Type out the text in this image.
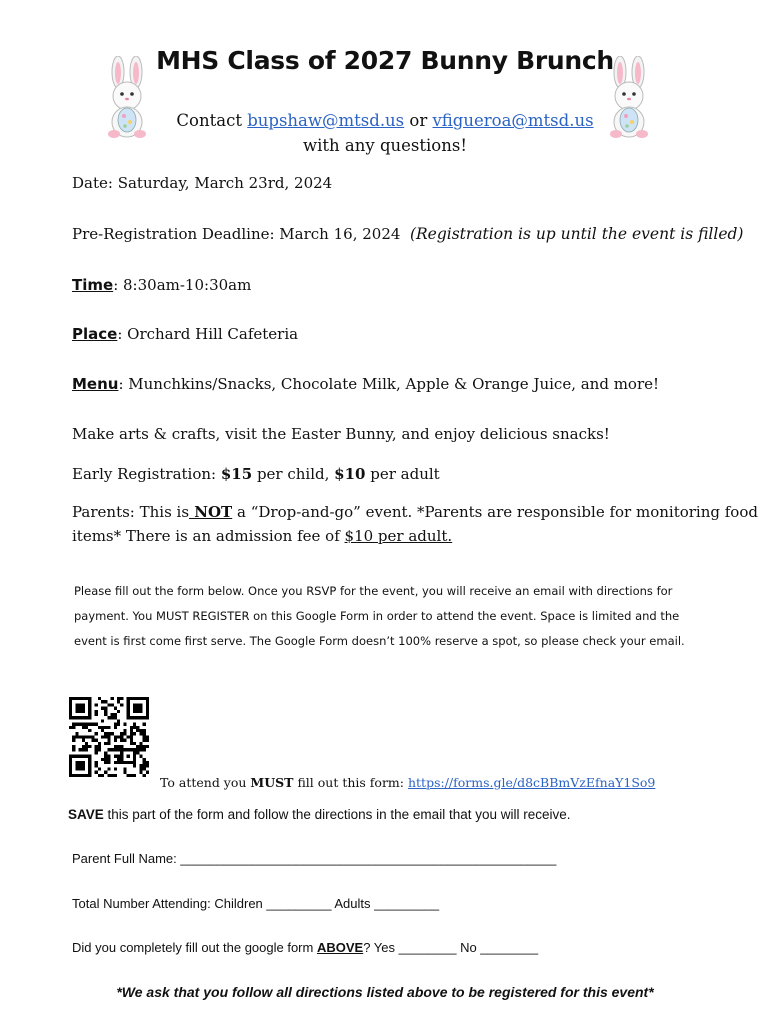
MHS Class of 2027 Bunny Brunch
Contact bupshaw@mtsd.us or vfigueroa@mtsd.us
with any questions!
Date: Saturday, March 23rd, 2024
Pre-Registration Deadline: March 16, 2024 (Registration is up until the event is filled)
Time: 8:30am-10:30am
Place: Orchard Hill Cafeteria
Menu: Munchkins/Snacks, Chocolate Milk, Apple & Orange Juice, and more!
Make arts & crafts, visit the Easter Bunny, and enjoy delicious snacks!
Early Registration: $15 per child, $10 per adult
Parents: This is NOT a “Drop-and-go” event. *Parents are responsible for monitoring food
items* There is an admission fee of $10 per adult.
Please fill out the form below. Once you RSVP for the event, you will receive an email with directions for
payment. You MUST REGISTER on this Google Form in order to attend the event. Space is limited and the
event is first come first serve. The Google Form doesn’t 100% reserve a spot, so please check your email.
To attend you MUST fill out this form: https://forms.gle/d8cBBmVzEfnaY1So9
SAVE this part of the form and follow the directions in the email that you will receive.
Parent Full Name: ____________________________________________________
Total Number Attending: Children _________ Adults _________
Did you completely fill out the google form ABOVE? Yes ________ No ________
*We ask that you follow all directions listed above to be registered for this event*
